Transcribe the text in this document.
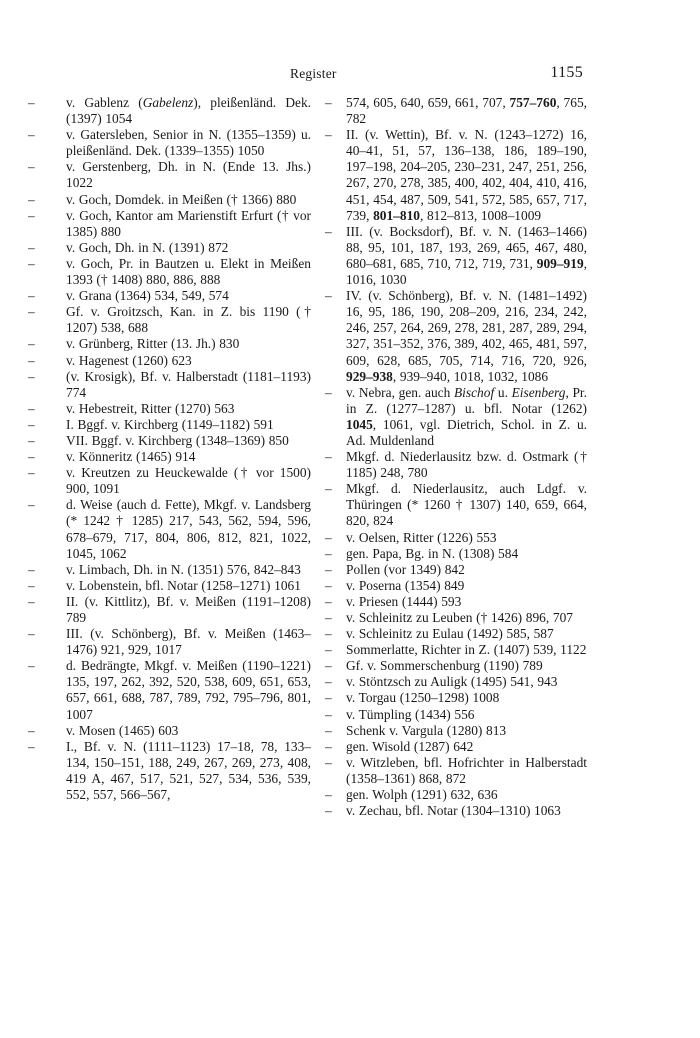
Register	1155

– v. Gablenz (Gabelenz), pleißenländ. Dek. (1397) 1054

– v. Gatersleben, Senior in N. (1355–1359) u. pleißenländ. Dek. (1339–1355) 1050

– v. Gerstenberg, Dh. in N. (Ende 13. Jhs.) 1022

– v. Goch, Domdek. in Meißen († 1366) 880

– v. Goch, Kantor am Marienstift Erfurt († vor 1385) 880

– v. Goch, Dh. in N. (1391) 872

– v. Goch, Pr. in Bautzen u. Elekt in Meißen 1393 († 1408) 880, 886, 888

– v. Grana (1364) 534, 549, 574

– Gf. v. Groitzsch, Kan. in Z. bis 1190 († 1207) 538, 688

– v. Grünberg, Ritter (13. Jh.) 830

– v. Hagenest (1260) 623

– (v. Krosigk), Bf. v. Halberstadt (1181–1193) 774

– v. Hebestreit, Ritter (1270) 563

– I. Bggf. v. Kirchberg (1149–1182) 591

– VII. Bggf. v. Kirchberg (1348–1369) 850

– v. Könneritz (1465) 914

– v. Kreutzen zu Heuckewalde († vor 1500) 900, 1091

– d. Weise (auch d. Fette), Mkgf. v. Landsberg (* 1242 † 1285) 217, 543, 562, 594, 596, 678–679, 717, 804, 806, 812, 821, 1022, 1045, 1062

– v. Limbach, Dh. in N. (1351) 576, 842–843

– v. Lobenstein, bfl. Notar (1258–1271) 1061

– II. (v. Kittlitz), Bf. v. Meißen (1191–1208) 789

– III. (v. Schönberg), Bf. v. Meißen (1463–1476) 921, 929, 1017

– d. Bedrängte, Mkgf. v. Meißen (1190–1221) 135, 197, 262, 392, 520, 538, 609, 651, 653, 657, 661, 688, 787, 789, 792, 795–796, 801, 1007

– v. Mosen (1465) 603

– I., Bf. v. N. (1111–1123) 17–18, 78, 133–134, 150–151, 188, 249, 267, 269, 273, 408, 419 A, 467, 517, 521, 527, 534, 536, 539, 552, 557, 566–567,

– 574, 605, 640, 659, 661, 707, 757–760, 765, 782

– II. (v. Wettin), Bf. v. N. (1243–1272) 16, 40–41, 51, 57, 136–138, 186, 189–190, 197–198, 204–205, 230–231, 247, 251, 256, 267, 270, 278, 385, 400, 402, 404, 410, 416, 451, 454, 487, 509, 541, 572, 585, 657, 717, 739, 801–810, 812–813, 1008–1009

– III. (v. Bocksdorf), Bf. v. N. (1463–1466) 88, 95, 101, 187, 193, 269, 465, 467, 480, 680–681, 685, 710, 712, 719, 731, 909–919, 1016, 1030

– IV. (v. Schönberg), Bf. v. N. (1481–1492) 16, 95, 186, 190, 208–209, 216, 234, 242, 246, 257, 264, 269, 278, 281, 287, 289, 294, 327, 351–352, 376, 389, 402, 465, 481, 597, 609, 628, 685, 705, 714, 716, 720, 926, 929–938, 939–940, 1018, 1032, 1086

– v. Nebra, gen. auch Bischof u. Eisenberg, Pr. in Z. (1277–1287) u. bfl. Notar (1262) 1045, 1061, vgl. Dietrich, Schol. in Z. u. Ad. Muldenland

– Mkgf. d. Niederlausitz bzw. d. Ostmark († 1185) 248, 780

– Mkgf. d. Niederlausitz, auch Ldgf. v. Thüringen (* 1260 † 1307) 140, 659, 664, 820, 824

– v. Oelsen, Ritter (1226) 553

– gen. Papa, Bg. in N. (1308) 584

– Pollen (vor 1349) 842

– v. Poserna (1354) 849

– v. Priesen (1444) 593

– v. Schleinitz zu Leuben († 1426) 896, 707

– v. Schleinitz zu Eulau (1492) 585, 587

– Sommerlatte, Richter in Z. (1407) 539, 1122

– Gf. v. Sommerschenburg (1190) 789

– v. Stöntzsch zu Auligk (1495) 541, 943

– v. Torgau (1250–1298) 1008

– v. Tümpling (1434) 556

– Schenk v. Vargula (1280) 813

– gen. Wisold (1287) 642

– v. Witzleben, bfl. Hofrichter in Halberstadt (1358–1361) 868, 872

– gen. Wolph (1291) 632, 636

– v. Zechau, bfl. Notar (1304–1310) 1063
